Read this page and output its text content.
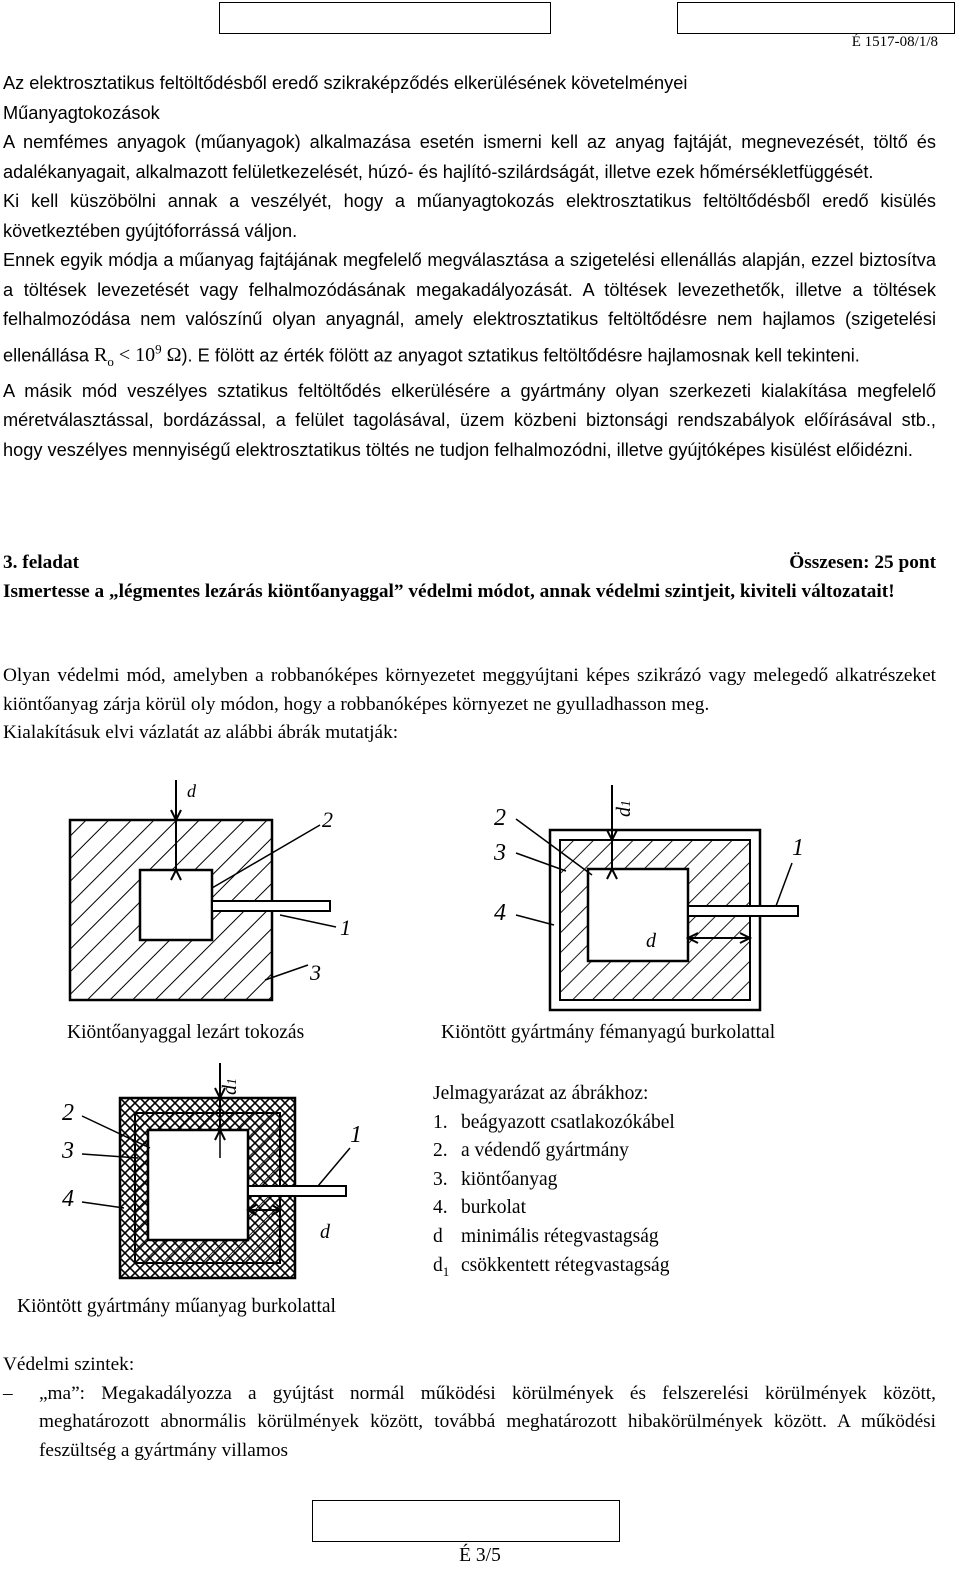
É 1517-08/1/8

Az elektrosztatikus feltöltődésből eredő szikraképződés elkerülésének követelményei

Műanyagtokozások

A nemfémes anyagok (műanyagok) alkalmazása esetén ismerni kell az anyag fajtáját, megnevezését, töltő és adalékanyagait, alkalmazott felületkezelését, húzó- és hajlító-szilárdságát, illetve ezek hőmérsékletfüggését.

Ki kell küszöbölni annak a veszélyét, hogy a műanyagtokozás elektrosztatikus feltöltődésből eredő kisülés következtében gyújtóforrássá váljon.

Ennek egyik módja a műanyag fajtájának megfelelő megválasztása a szigetelési ellenállás alapján, ezzel biztosítva a töltések levezetését vagy felhalmozódásának megakadályozását. A töltések levezethetők, illetve a töltések felhalmozódása nem valószínű olyan anyagnál, amely elektrosztatikus feltöltődésre nem hajlamos (szigetelési ellenállása $R_o < 10^9$ Ω). E fölött az érték fölött az anyagot sztatikus feltöltődésre hajlamosnak kell tekinteni.

A másik mód veszélyes sztatikus feltöltődés elkerülésére a gyártmány olyan szerkezeti kialakítása megfelelő méretválasztással, bordázással, a felület tagolásával, üzem közbeni biztonsági rendszabályok előírásával stb., hogy veszélyes mennyiségű elektrosztatikus töltés ne tudjon felhalmozódni, illetve gyújtóképes kisülést előidézni.

3. feladat	Összesen: 25 pont

Ismertesse a „légmentes lezárás kiöntőanyaggal” védelmi módot, annak védelmi szintjeit, kiviteli változatait!

Olyan védelmi mód, amelyben a robbanóképes környezetet meggyújtani képes szikrázó vagy melegedő alkatrészeket kiöntőanyag zárja körül oly módon, hogy a robbanóképes környezet ne gyulladhasson meg.

Kialakításuk elvi vázlatát az alábbi ábrák mutatják:

d
2
1
3
Kiöntőanyaggal lezárt tokozás
d1
2
3
4
1
d
Kiöntött gyártmány fémanyagú burkolattal
d1
2
3
4
1
d
Kiöntött gyártmány műanyag burkolattal
Jelmagyarázat az ábrákhoz:
1. beágyazott csatlakozókábel
2. a védendő gyártmány
3. kiöntőanyag
4. burkolat
d minimális rétegvastagság
$d_1$ csökkentett rétegvastagság

Védelmi szintek:

–	„ma”: Megakadályozza a gyújtást normál működési körülmények és felszerelési körülmények között, meghatározott abnormális körülmények között, továbbá meghatározott hibakörülmények között. A működési feszültség a gyártmány villamos
É 3/5
